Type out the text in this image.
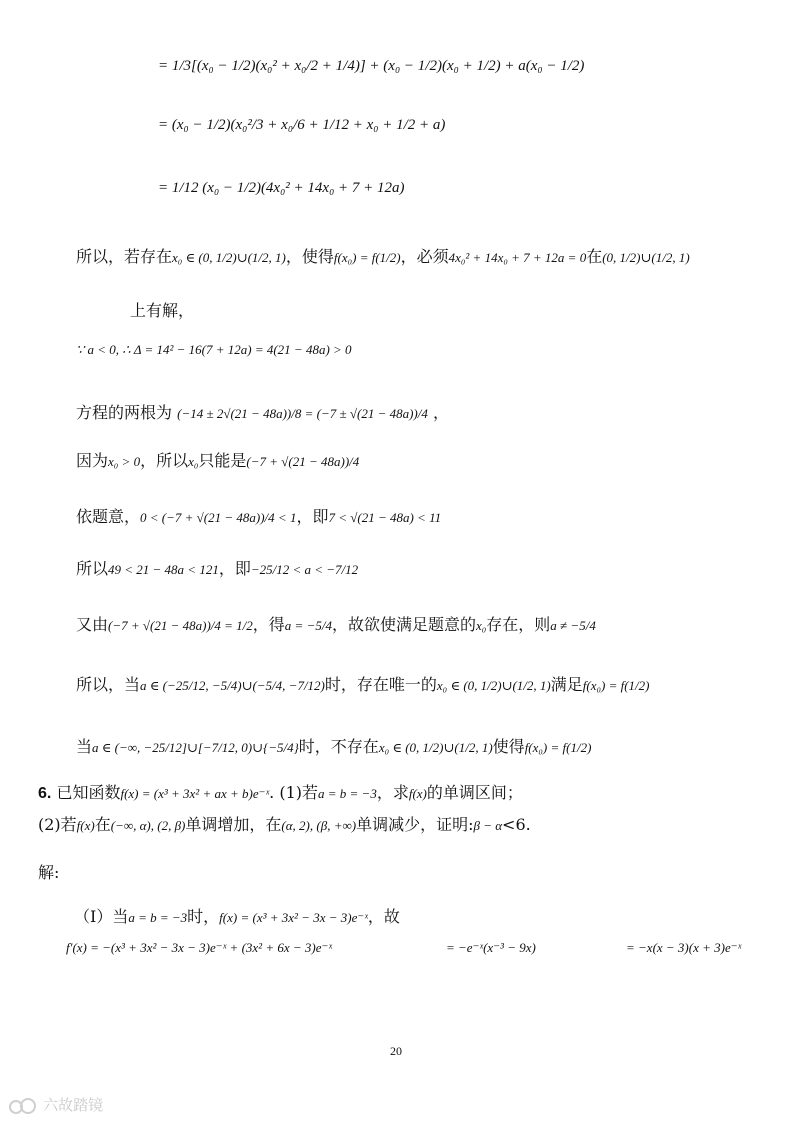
= 1/3[(x₀ − 1/2)(x₀² + x₀/2 + 1/4)] + (x₀ − 1/2)(x₀ + 1/2) + a(x₀ − 1/2)
= (x₀ − 1/2)(x₀²/3 + x₀/6 + 1/12 + x₀ + 1/2 + a)
= 1/12 (x₀ − 1/2)(4x₀² + 14x₀ + 7 + 12a)
所以，若存在x₀ ∈ (0, 1/2)∪(1/2, 1)，使得f(x₀) = f(1/2)，必须4x₀² + 14x₀ + 7 + 12a = 0在(0, 1/2)∪(1/2, 1)
上有解，
∵ a < 0, ∴ Δ = 14² − 16(7 + 12a) = 4(21 − 48a) > 0
方程的两根为 (−14 ± 2√(21 − 48a))/8 = (−7 ± √(21 − 48a))/4 ，
因为x₀ > 0，所以x₀只能是(−7 + √(21 − 48a))/4
依题意，0 < (−7 + √(21 − 48a))/4 < 1，即7 < √(21 − 48a) < 11
所以49 < 21 − 48a < 121，即−25/12 < a < −7/12
又由(−7 + √(21 − 48a))/4 = 1/2，得a = −5/4，故欲使满足题意的x₀存在，则a ≠ −5/4
所以，当a ∈ (−25/12, −5/4)∪(−5/4, −7/12)时，存在唯一的x₀ ∈ (0, 1/2)∪(1/2, 1)满足f(x₀) = f(1/2)
当a ∈ (−∞, −25/12]∪[−7/12, 0)∪{−5/4}时，不存在x₀ ∈ (0, 1/2)∪(1/2, 1)使得f(x₀) = f(1/2)
6. 已知函数f(x) = (x³ + 3x² + ax + b)e⁻ˣ. (1)若a = b = −3，求f(x)的单调区间；
(2)若f(x)在(−∞, α), (2, β)单调增加，在(α, 2), (β, +∞)单调减少，证明:β − α<6.
解:
（Ⅰ）当a = b = −3时，f(x) = (x³ + 3x² − 3x − 3)e⁻ˣ，故
f′(x) = −(x³ + 3x² − 3x − 3)e⁻ˣ + (3x² + 6x − 3)e⁻ˣ	= −e⁻ˣ(x⁻³ − 9x)	= −x(x − 3)(x + 3)e⁻ˣ
20
六故踏镜
